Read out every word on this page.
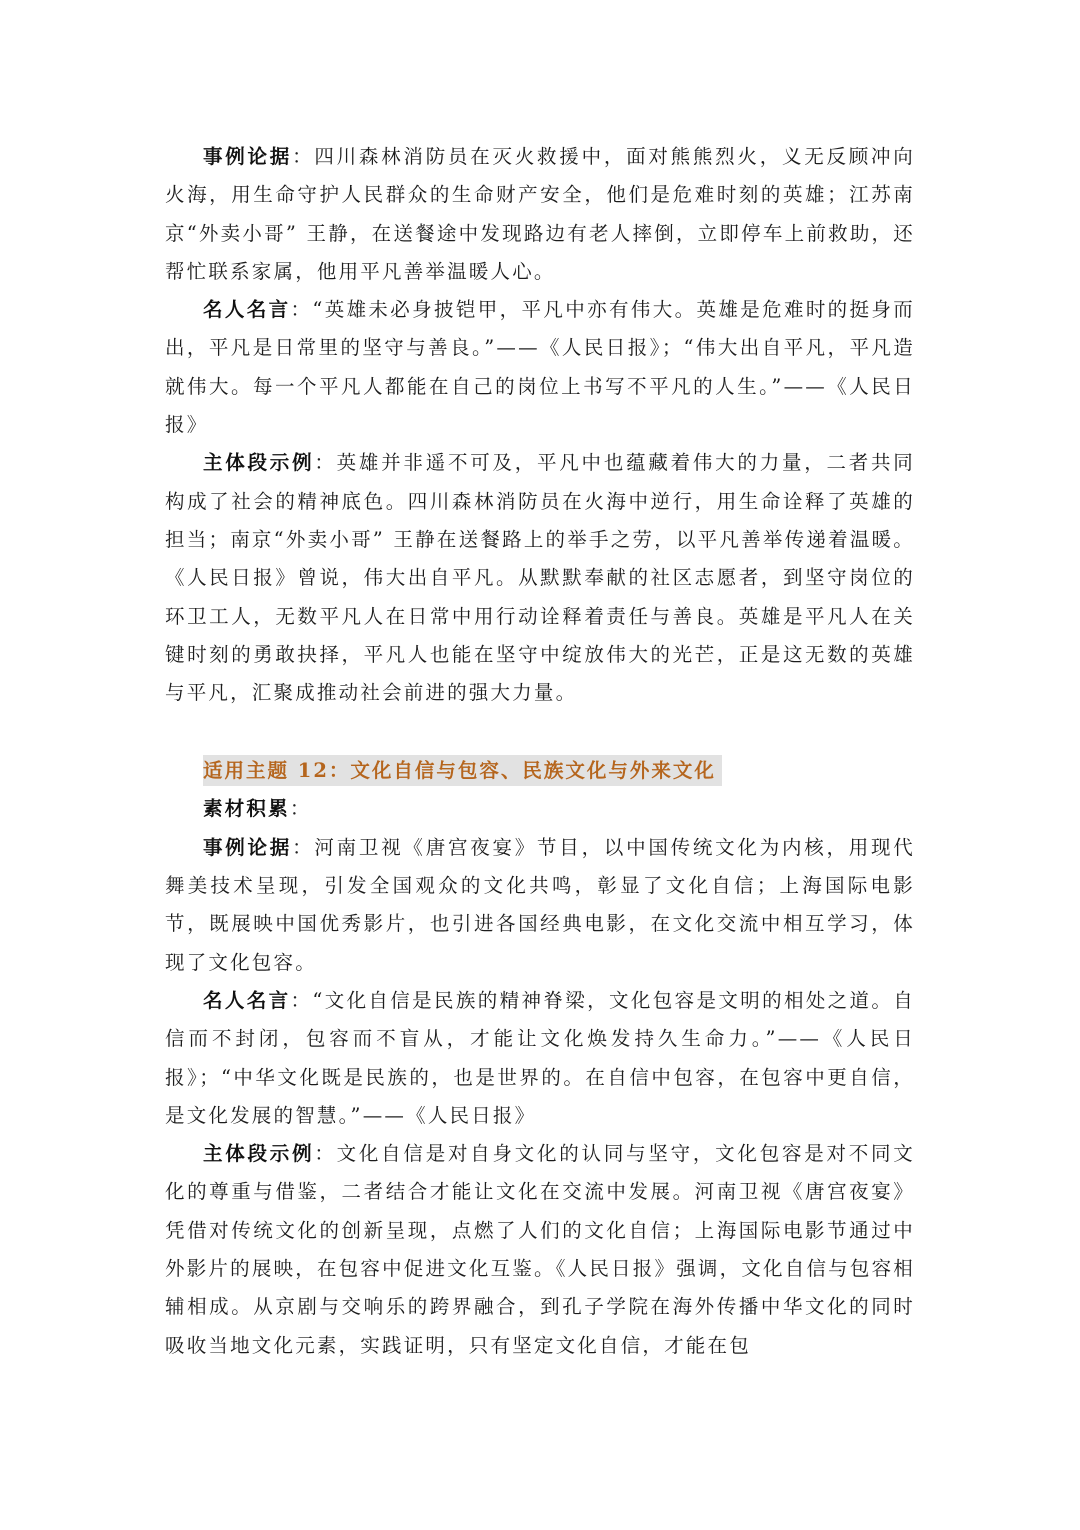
事例论据：四川森林消防员在灭火救援中，面对熊熊烈火，义无反顾冲向火海，用生命守护人民群众的生命财产安全，他们是危难时刻的英雄；江苏南京“外卖小哥” 王静，在送餐途中发现路边有老人摔倒，立即停车上前救助，还帮忙联系家属，他用平凡善举温暖人心。

名人名言：“英雄未必身披铠甲，平凡中亦有伟大。英雄是危难时的挺身而出，平凡是日常里的坚守与善良。”——《人民日报》；“伟大出自平凡，平凡造就伟大。每一个平凡人都能在自己的岗位上书写不平凡的人生。”——《人民日报》

主体段示例：英雄并非遥不可及，平凡中也蕴藏着伟大的力量，二者共同构成了社会的精神底色。四川森林消防员在火海中逆行，用生命诠释了英雄的担当；南京“外卖小哥” 王静在送餐路上的举手之劳，以平凡善举传递着温暖。《人民日报》曾说，伟大出自平凡。从默默奉献的社区志愿者，到坚守岗位的环卫工人，无数平凡人在日常中用行动诠释着责任与善良。英雄是平凡人在关键时刻的勇敢抉择，平凡人也能在坚守中绽放伟大的光芒，正是这无数的英雄与平凡，汇聚成推动社会前进的强大力量。

适用主题 12：文化自信与包容、民族文化与外来文化

素材积累：

事例论据：河南卫视《唐宫夜宴》节目，以中国传统文化为内核，用现代舞美技术呈现，引发全国观众的文化共鸣，彰显了文化自信；上海国际电影节，既展映中国优秀影片，也引进各国经典电影，在文化交流中相互学习，体现了文化包容。

名人名言：“文化自信是民族的精神脊梁，文化包容是文明的相处之道。自信而不封闭，包容而不盲从，才能让文化焕发持久生命力。”——《人民日报》；“中华文化既是民族的，也是世界的。在自信中包容，在包容中更自信，是文化发展的智慧。”——《人民日报》

主体段示例：文化自信是对自身文化的认同与坚守，文化包容是对不同文化的尊重与借鉴，二者结合才能让文化在交流中发展。河南卫视《唐宫夜宴》凭借对传统文化的创新呈现，点燃了人们的文化自信；上海国际电影节通过中外影片的展映，在包容中促进文化互鉴。《人民日报》强调，文化自信与包容相辅相成。从京剧与交响乐的跨界融合，到孔子学院在海外传播中华文化的同时吸收当地文化元素，实践证明，只有坚定文化自信，才能在包
